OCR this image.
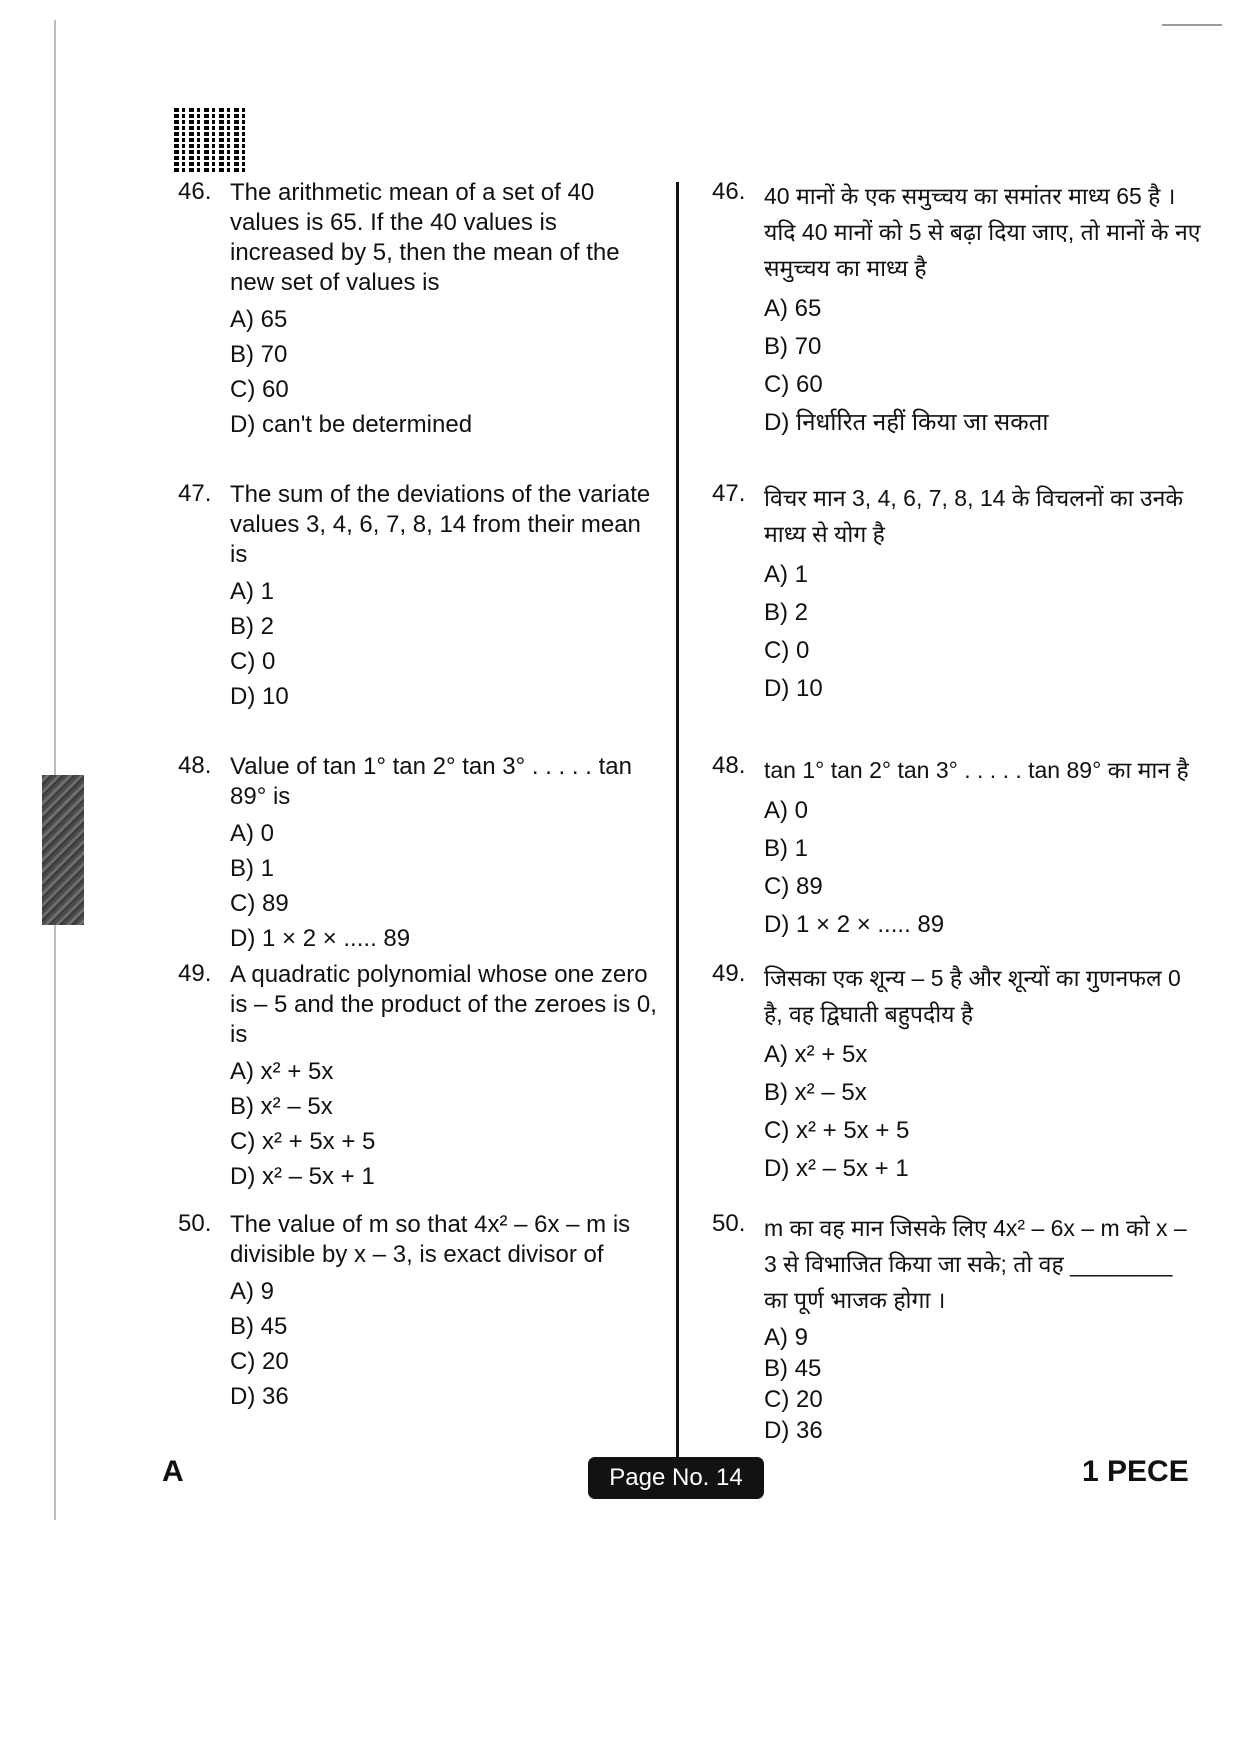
46. The arithmetic mean of a set of 40 values is 65. If the 40 values is increased by 5, then the mean of the new set of values is
A) 65
B) 70
C) 60
D) can't be determined
47. The sum of the deviations of the variate values 3, 4, 6, 7, 8, 14 from their mean is
A) 1
B) 2
C) 0
D) 10
48. Value of tan 1° tan 2° tan 3° . . . . . tan 89° is
A) 0
B) 1
C) 89
D) 1 × 2 × ..... 89
49. A quadratic polynomial whose one zero is – 5 and the product of the zeroes is 0, is
A) x² + 5x
B) x² – 5x
C) x² + 5x + 5
D) x² – 5x + 1
50. The value of m so that 4x² – 6x – m is divisible by x – 3, is exact divisor of
A) 9
B) 45
C) 20
D) 36
46. 40 मानों के एक समुच्चय का समांतर माध्य 65 है । यदि 40 मानों को 5 से बढ़ा दिया जाए, तो मानों के नए समुच्चय का माध्य है
A) 65
B) 70
C) 60
D) निर्धारित नहीं किया जा सकता
47. विचर मान 3, 4, 6, 7, 8, 14 के विचलनों का उनके माध्य से योग है
A) 1
B) 2
C) 0
D) 10
48. tan 1° tan 2° tan 3° . . . . . tan 89° का मान है
A) 0
B) 1
C) 89
D) 1 × 2 × ..... 89
49. जिसका एक शून्य – 5 है और शून्यों का गुणनफल 0 है, वह द्विघाती बहुपदीय है
A) x² + 5x
B) x² – 5x
C) x² + 5x + 5
D) x² – 5x + 1
50. m का वह मान जिसके लिए 4x² – 6x – m को x – 3 से विभाजित किया जा सके; तो वह ________ का पूर्ण भाजक होगा ।
A) 9
B) 45
C) 20
D) 36
A	Page No. 14	1 PECE
